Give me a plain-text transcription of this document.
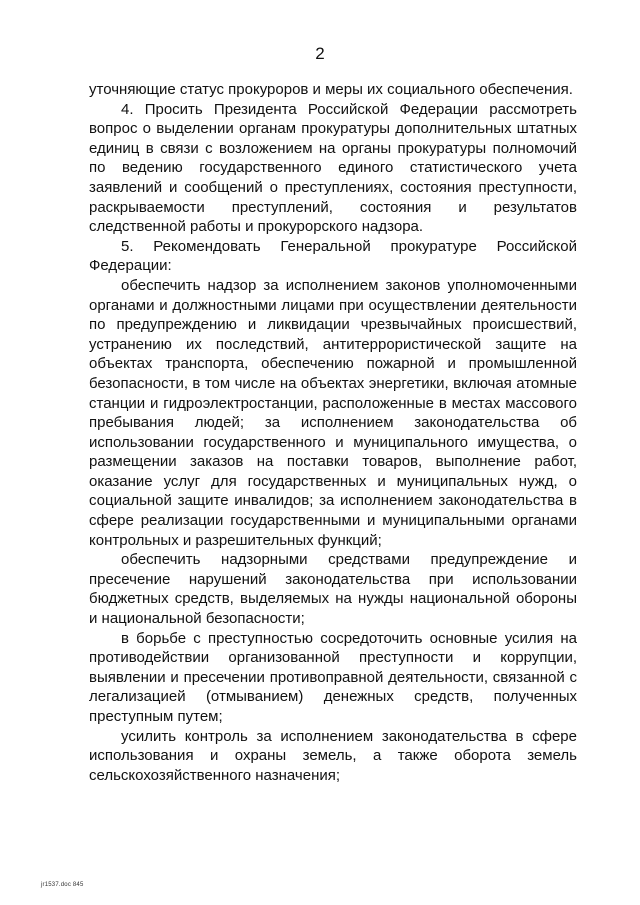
2

уточняющие статус прокуроров и меры их социального обеспечения.

4. Просить Президента Российской Федерации рассмотреть вопрос о выделении органам прокуратуры дополнительных штатных единиц в связи с возложением на органы прокуратуры полномочий по ведению государственного единого статистического учета заявлений и сообщений о преступлениях, состояния преступности, раскрываемости преступлений, состояния и результатов следственной работы и прокурорского надзора.

5. Рекомендовать Генеральной прокуратуре Российской Федерации:

обеспечить надзор за исполнением законов уполномоченными органами и должностными лицами при осуществлении деятельности по предупреждению и ликвидации чрезвычайных происшествий, устранению их последствий, антитеррористической защите на объектах транспорта, обеспечению пожарной и промышленной безопасности, в том числе на объектах энергетики, включая атомные станции и гидроэлектростанции, расположенные в местах массового пребывания людей; за исполнением законодательства об использовании государственного и муниципального имущества, о размещении заказов на поставки товаров, выполнение работ, оказание услуг для государственных и муниципальных нужд, о социальной защите инвалидов; за исполнением законодательства в сфере реализации государственными и муниципальными органами контрольных и разрешительных функций;

обеспечить надзорными средствами предупреждение и пресечение нарушений законодательства при использовании бюджетных средств, выделяемых на нужды национальной обороны и национальной безопасности;

в борьбе с преступностью сосредоточить основные усилия на противодействии организованной преступности и коррупции, выявлении и пресечении противоправной деятельности, связанной с легализацией (отмыванием) денежных средств, полученных преступным путем;

усилить контроль за исполнением законодательства в сфере использования и охраны земель, а также оборота земель сельскохозяйственного назначения;

jr1537.doc 845
